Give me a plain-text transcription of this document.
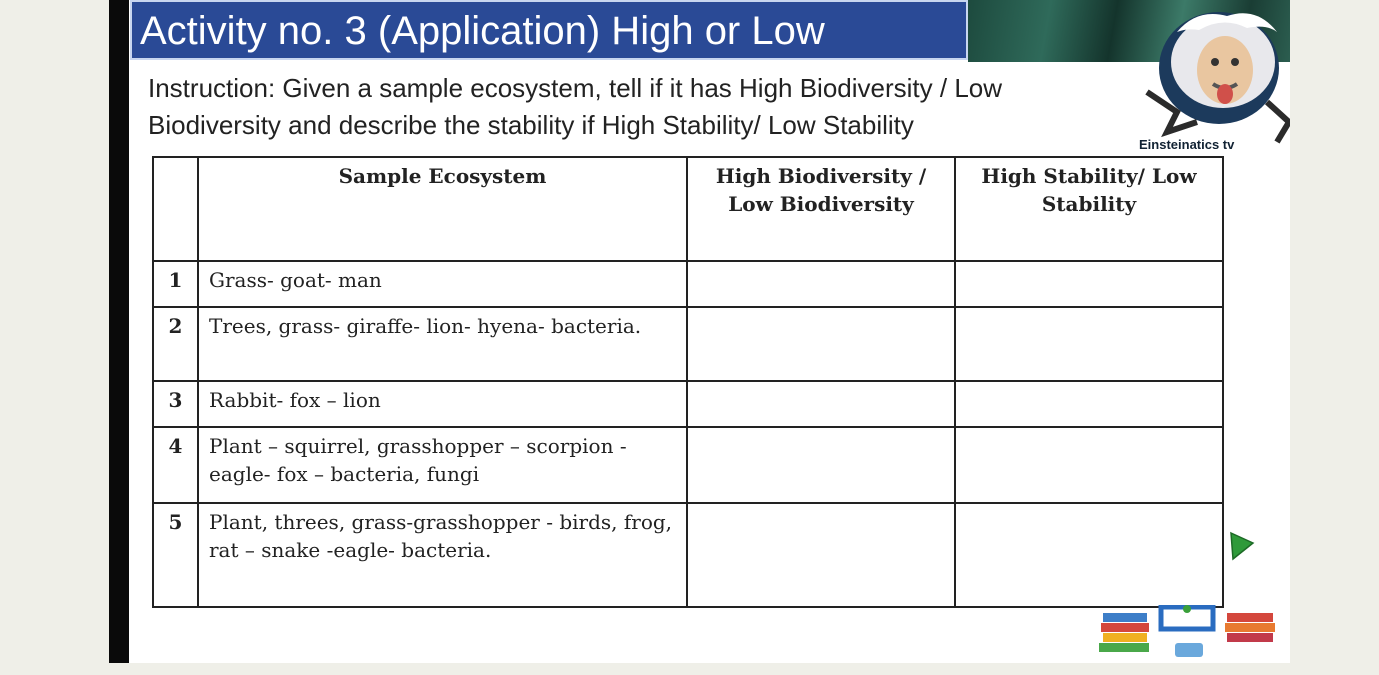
Activity no. 3 (Application) High or Low

Instruction: Given a sample ecosystem, tell if it has High Biodiversity / Low Biodiversity and describe the stability if High Stability/ Low Stability

Einsteinatics tv
	Sample Ecosystem	High Biodiversity / Low Biodiversity	High Stability/ Low Stability
1	Grass- goat- man		
2	Trees, grass- giraffe- lion- hyena- bacteria.		
3	Rabbit- fox – lion		
4	Plant – squirrel, grasshopper – scorpion -eagle- fox – bacteria, fungi		
5	Plant, threes, grass-grasshopper - birds, frog, rat – snake -eagle- bacteria.		
